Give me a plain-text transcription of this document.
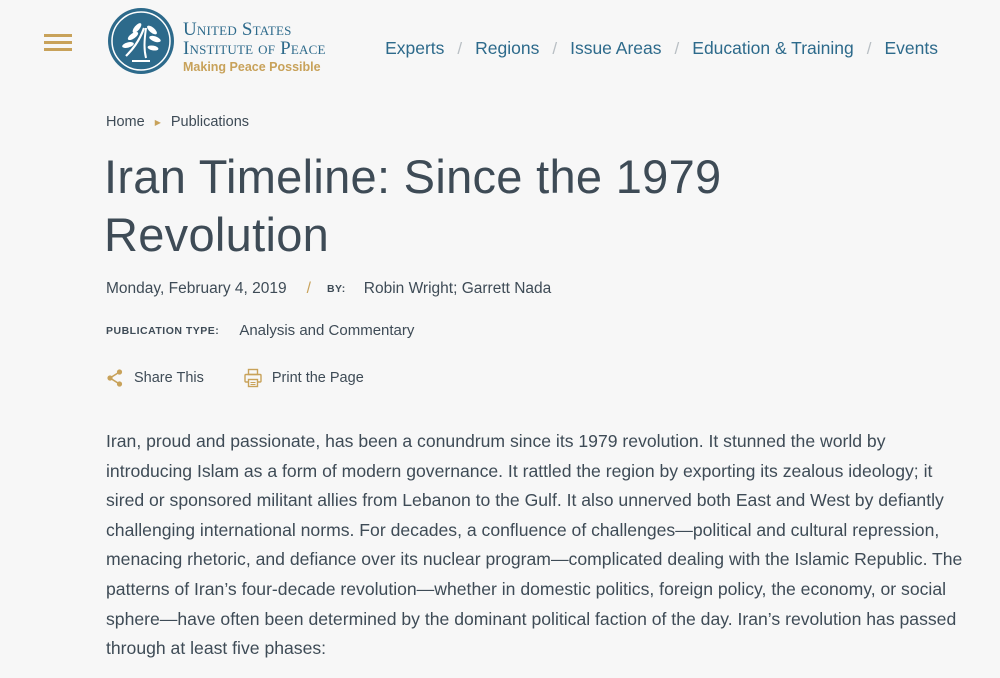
United States
Institute of Peace
Making Peace Possible
Experts / Regions / Issue Areas / Education & Training / Events
Home ▶ Publications
Iran Timeline: Since the 1979 Revolution
Monday, February 4, 2019 / BY: Robin Wright; Garrett Nada
PUBLICATION TYPE: Analysis and Commentary
Share This	Print the Page

Iran, proud and passionate, has been a conundrum since its 1979 revolution. It stunned the world by introducing Islam as a form of modern governance. It rattled the region by exporting its zealous ideology; it sired or sponsored militant allies from Lebanon to the Gulf. It also unnerved both East and West by defiantly challenging international norms. For decades, a confluence of challenges—political and cultural repression, menacing rhetoric, and defiance over its nuclear program—complicated dealing with the Islamic Republic. The patterns of Iran’s four-decade revolution—whether in domestic politics, foreign policy, the economy, or social sphere—have often been determined by the dominant political faction of the day. Iran’s revolution has passed through at least five phases:
